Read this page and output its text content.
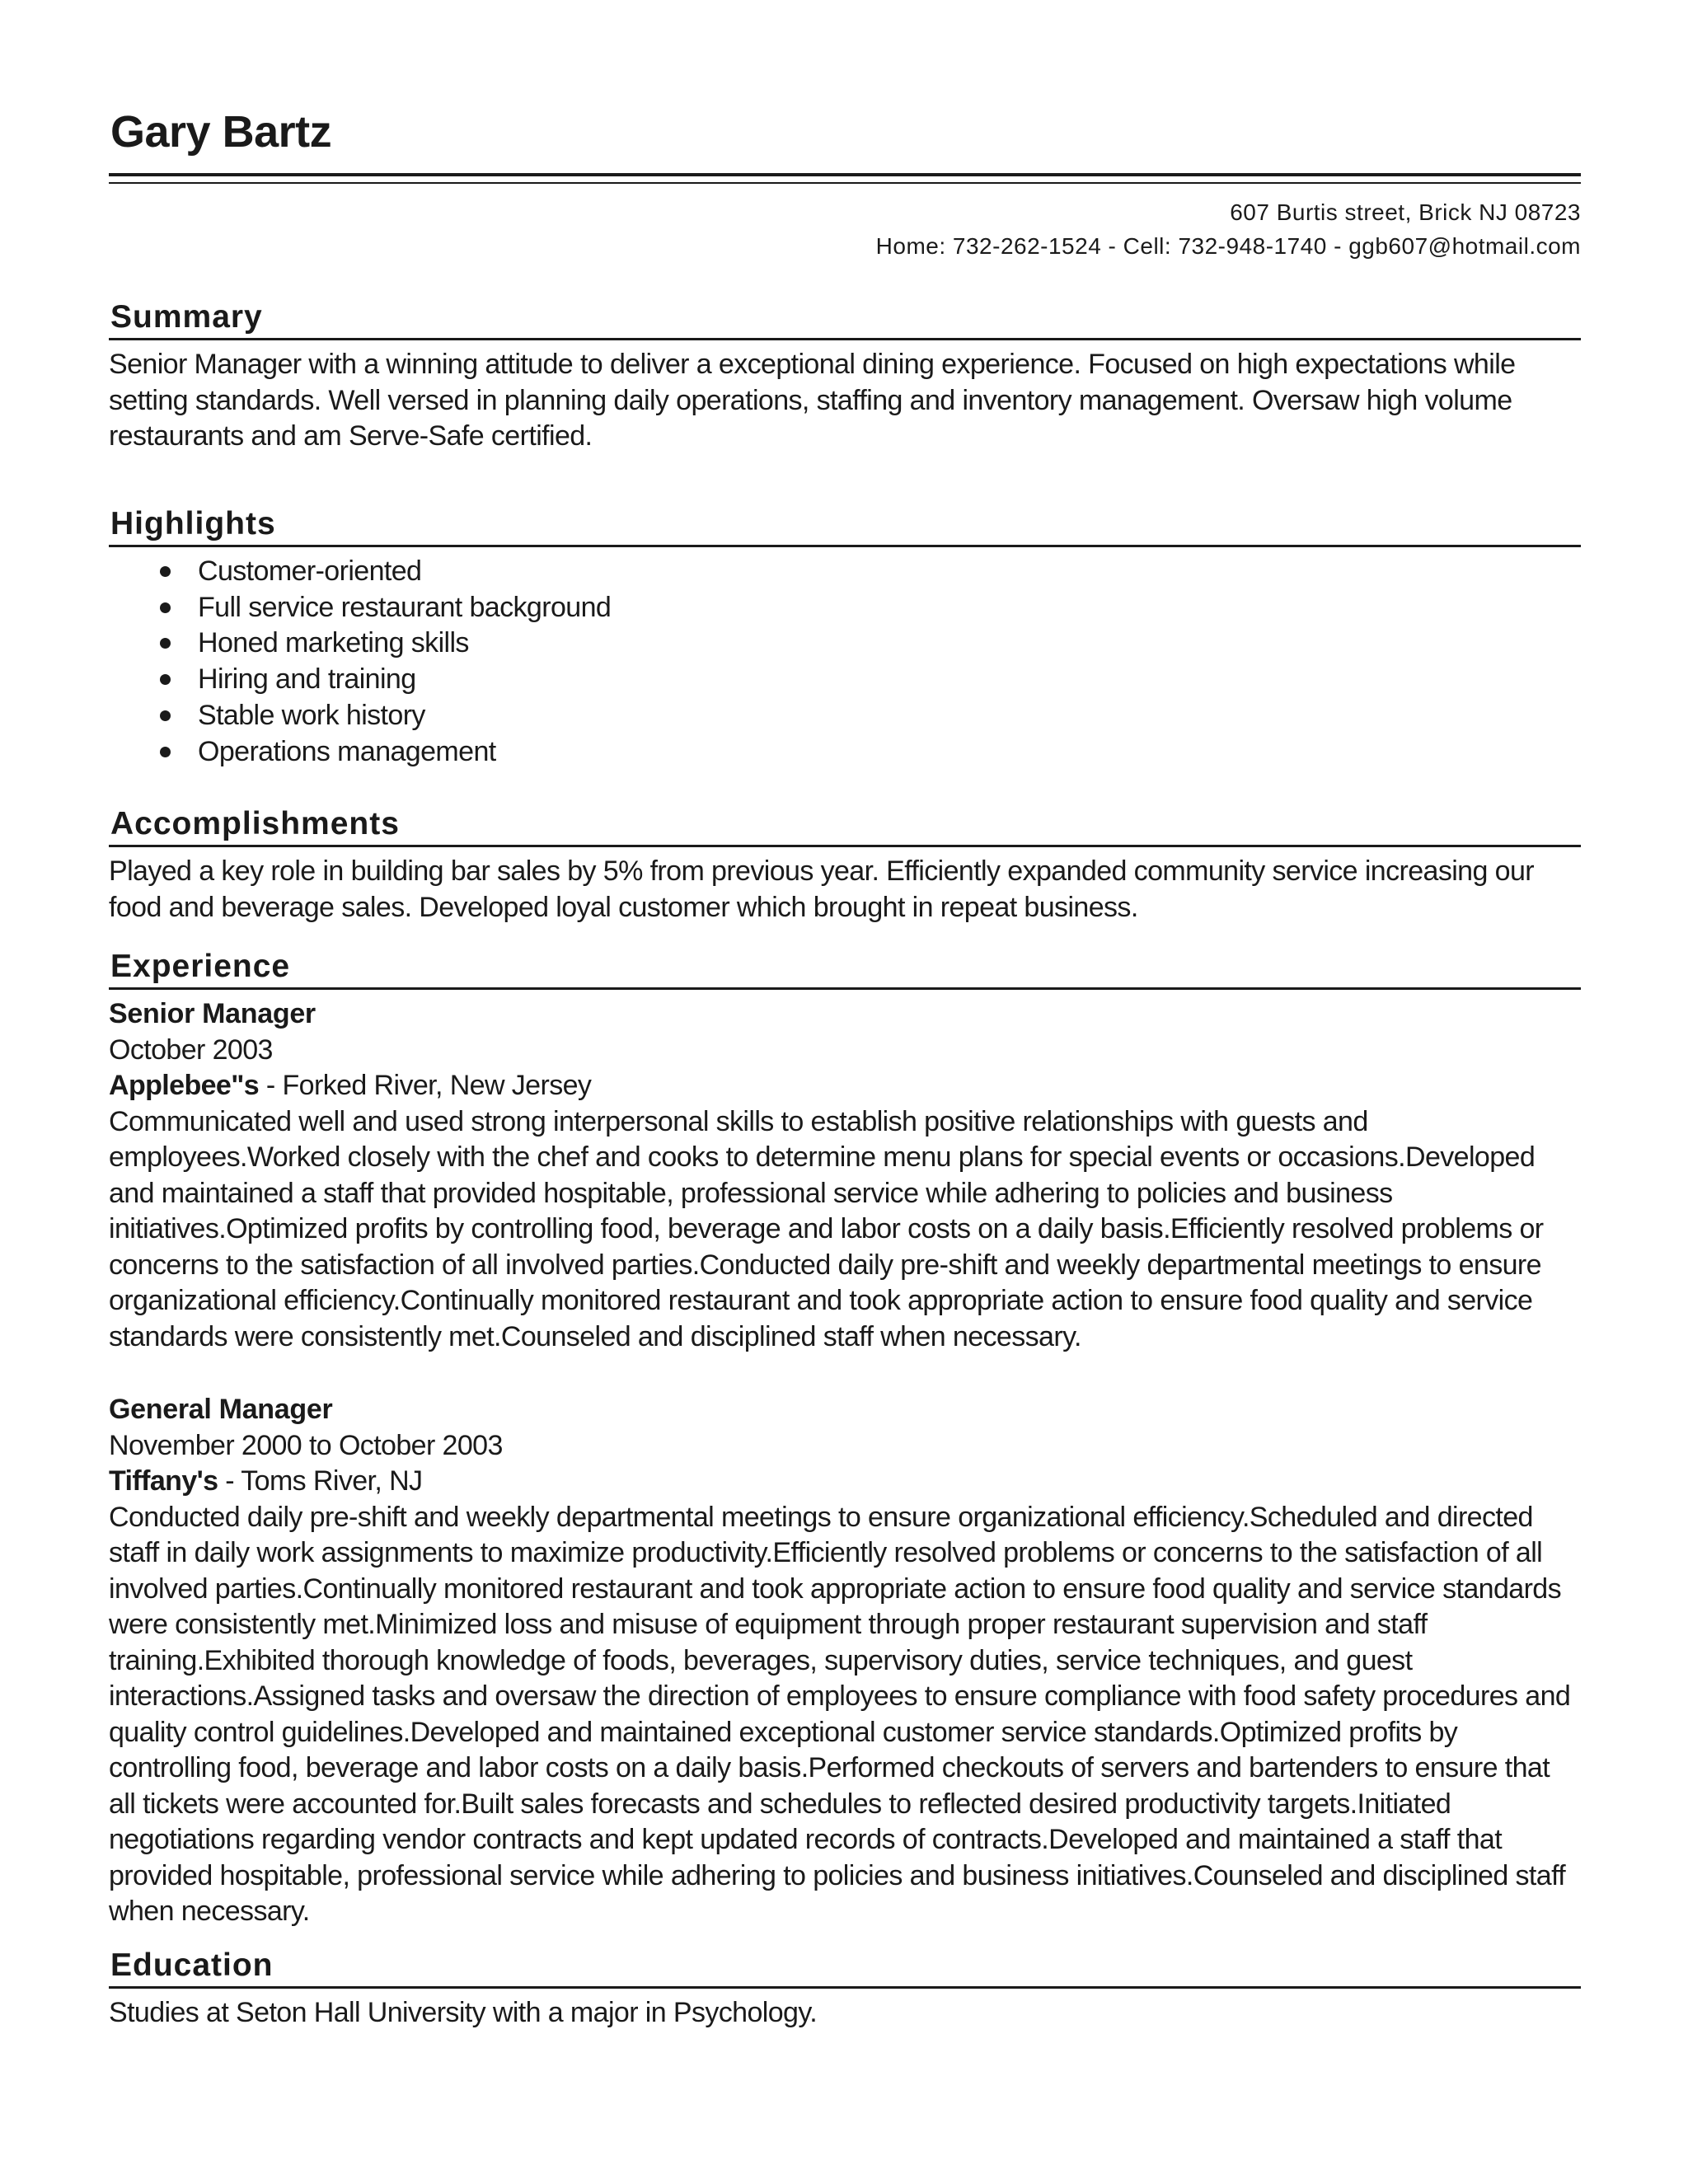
Gary Bartz
607 Burtis street, Brick NJ 08723
Home: 732-262-1524 - Cell: 732-948-1740 - ggb607@hotmail.com
Summary
Senior Manager with a winning attitude to deliver a exceptional dining experience. Focused on high expectations while setting standards. Well versed in planning daily operations, staffing and inventory management. Oversaw high volume restaurants and am Serve-Safe certified.
Highlights
Customer-oriented
Full service restaurant background
Honed marketing skills
Hiring and training
Stable work history
Operations management
Accomplishments
Played a key role in building bar sales by 5% from previous year. Efficiently expanded community service increasing our food and beverage sales. Developed loyal customer which brought in repeat business.
Experience
Senior Manager
October 2003
Applebee"s - Forked River, New Jersey
Communicated well and used strong interpersonal skills to establish positive relationships with guests and employees.Worked closely with the chef and cooks to determine menu plans for special events or occasions.Developed and maintained a staff that provided hospitable, professional service while adhering to policies and business initiatives.Optimized profits by controlling food, beverage and labor costs on a daily basis.Efficiently resolved problems or concerns to the satisfaction of all involved parties.Conducted daily pre-shift and weekly departmental meetings to ensure organizational efficiency.Continually monitored restaurant and took appropriate action to ensure food quality and service standards were consistently met.Counseled and disciplined staff when necessary.
General Manager
November 2000 to October 2003
Tiffany's - Toms River, NJ
Conducted daily pre-shift and weekly departmental meetings to ensure organizational efficiency.Scheduled and directed staff in daily work assignments to maximize productivity.Efficiently resolved problems or concerns to the satisfaction of all involved parties.Continually monitored restaurant and took appropriate action to ensure food quality and service standards were consistently met.Minimized loss and misuse of equipment through proper restaurant supervision and staff training.Exhibited thorough knowledge of foods, beverages, supervisory duties, service techniques, and guest interactions.Assigned tasks and oversaw the direction of employees to ensure compliance with food safety procedures and quality control guidelines.Developed and maintained exceptional customer service standards.Optimized profits by controlling food, beverage and labor costs on a daily basis.Performed checkouts of servers and bartenders to ensure that all tickets were accounted for.Built sales forecasts and schedules to reflected desired productivity targets.Initiated negotiations regarding vendor contracts and kept updated records of contracts.Developed and maintained a staff that provided hospitable, professional service while adhering to policies and business initiatives.Counseled and disciplined staff when necessary.
Education
Studies at Seton Hall University with a major in Psychology.
